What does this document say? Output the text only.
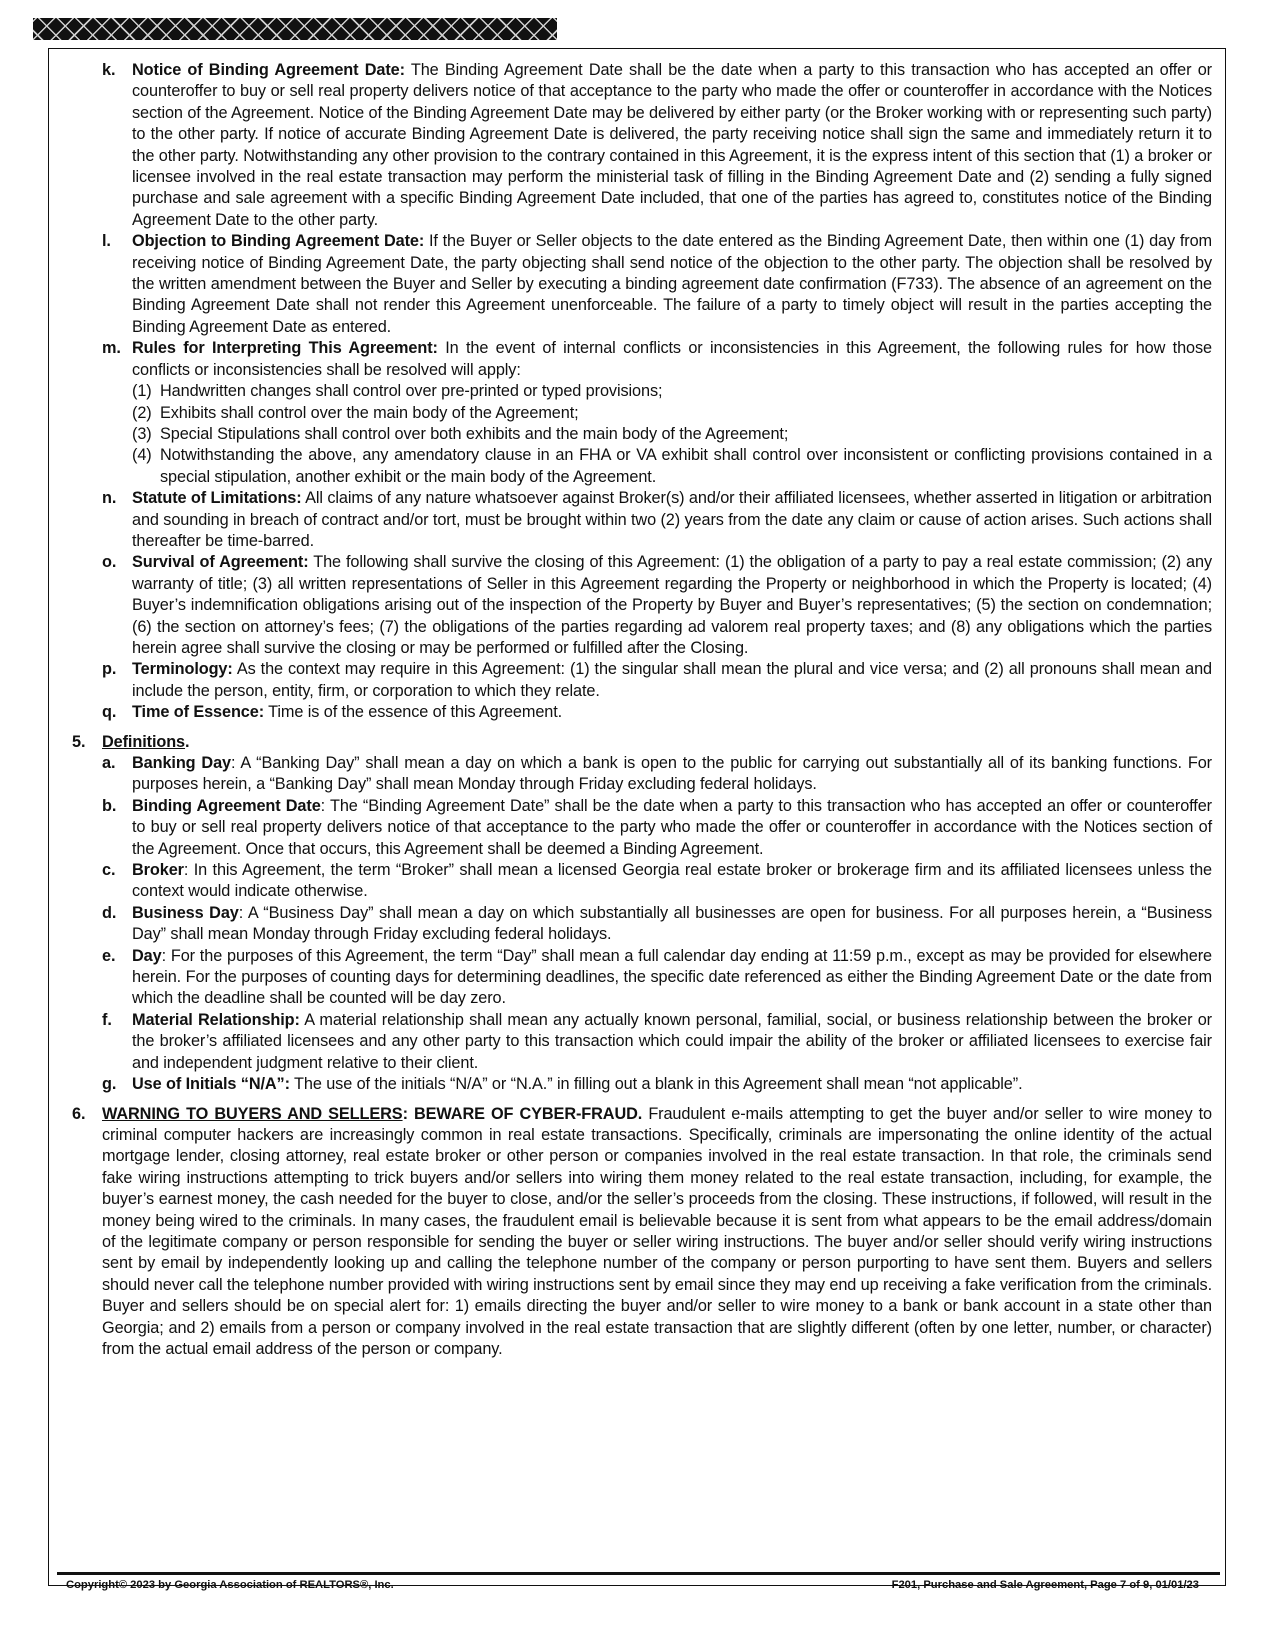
k. Notice of Binding Agreement Date: The Binding Agreement Date shall be the date when a party to this transaction who has accepted an offer or counteroffer to buy or sell real property delivers notice of that acceptance to the party who made the offer or counteroffer in accordance with the Notices section of the Agreement. Notice of the Binding Agreement Date may be delivered by either party (or the Broker working with or representing such party) to the other party. If notice of accurate Binding Agreement Date is delivered, the party receiving notice shall sign the same and immediately return it to the other party. Notwithstanding any other provision to the contrary contained in this Agreement, it is the express intent of this section that (1) a broker or licensee involved in the real estate transaction may perform the ministerial task of filling in the Binding Agreement Date and (2) sending a fully signed purchase and sale agreement with a specific Binding Agreement Date included, that one of the parties has agreed to, constitutes notice of the Binding Agreement Date to the other party.
l. Objection to Binding Agreement Date: If the Buyer or Seller objects to the date entered as the Binding Agreement Date, then within one (1) day from receiving notice of Binding Agreement Date, the party objecting shall send notice of the objection to the other party. The objection shall be resolved by the written amendment between the Buyer and Seller by executing a binding agreement date confirmation (F733). The absence of an agreement on the Binding Agreement Date shall not render this Agreement unenforceable. The failure of a party to timely object will result in the parties accepting the Binding Agreement Date as entered.
m. Rules for Interpreting This Agreement: In the event of internal conflicts or inconsistencies in this Agreement, the following rules for how those conflicts or inconsistencies shall be resolved will apply:
(1) Handwritten changes shall control over pre-printed or typed provisions;
(2) Exhibits shall control over the main body of the Agreement;
(3) Special Stipulations shall control over both exhibits and the main body of the Agreement;
(4) Notwithstanding the above, any amendatory clause in an FHA or VA exhibit shall control over inconsistent or conflicting provisions contained in a special stipulation, another exhibit or the main body of the Agreement.
n. Statute of Limitations: All claims of any nature whatsoever against Broker(s) and/or their affiliated licensees, whether asserted in litigation or arbitration and sounding in breach of contract and/or tort, must be brought within two (2) years from the date any claim or cause of action arises. Such actions shall thereafter be time-barred.
o. Survival of Agreement: The following shall survive the closing of this Agreement: (1) the obligation of a party to pay a real estate commission; (2) any warranty of title; (3) all written representations of Seller in this Agreement regarding the Property or neighborhood in which the Property is located; (4) Buyer’s indemnification obligations arising out of the inspection of the Property by Buyer and Buyer’s representatives; (5) the section on condemnation; (6) the section on attorney’s fees; (7) the obligations of the parties regarding ad valorem real property taxes; and (8) any obligations which the parties herein agree shall survive the closing or may be performed or fulfilled after the Closing.
p. Terminology: As the context may require in this Agreement: (1) the singular shall mean the plural and vice versa; and (2) all pronouns shall mean and include the person, entity, firm, or corporation to which they relate.
q. Time of Essence: Time is of the essence of this Agreement.
5. Definitions.
a. Banking Day: A “Banking Day” shall mean a day on which a bank is open to the public for carrying out substantially all of its banking functions. For purposes herein, a “Banking Day” shall mean Monday through Friday excluding federal holidays.
b. Binding Agreement Date: The “Binding Agreement Date” shall be the date when a party to this transaction who has accepted an offer or counteroffer to buy or sell real property delivers notice of that acceptance to the party who made the offer or counteroffer in accordance with the Notices section of the Agreement. Once that occurs, this Agreement shall be deemed a Binding Agreement.
c. Broker: In this Agreement, the term “Broker” shall mean a licensed Georgia real estate broker or brokerage firm and its affiliated licensees unless the context would indicate otherwise.
d. Business Day: A “Business Day” shall mean a day on which substantially all businesses are open for business. For all purposes herein, a “Business Day” shall mean Monday through Friday excluding federal holidays.
e. Day: For the purposes of this Agreement, the term “Day” shall mean a full calendar day ending at 11:59 p.m., except as may be provided for elsewhere herein. For the purposes of counting days for determining deadlines, the specific date referenced as either the Binding Agreement Date or the date from which the deadline shall be counted will be day zero.
f. Material Relationship: A material relationship shall mean any actually known personal, familial, social, or business relationship between the broker or the broker’s affiliated licensees and any other party to this transaction which could impair the ability of the broker or affiliated licensees to exercise fair and independent judgment relative to their client.
g. Use of Initials “N/A”: The use of the initials “N/A” or “N.A.” in filling out a blank in this Agreement shall mean “not applicable”.
6. WARNING TO BUYERS AND SELLERS: BEWARE OF CYBER-FRAUD. Fraudulent e-mails attempting to get the buyer and/or seller to wire money to criminal computer hackers are increasingly common in real estate transactions. Specifically, criminals are impersonating the online identity of the actual mortgage lender, closing attorney, real estate broker or other person or companies involved in the real estate transaction. In that role, the criminals send fake wiring instructions attempting to trick buyers and/or sellers into wiring them money related to the real estate transaction, including, for example, the buyer’s earnest money, the cash needed for the buyer to close, and/or the seller’s proceeds from the closing. These instructions, if followed, will result in the money being wired to the criminals. In many cases, the fraudulent email is believable because it is sent from what appears to be the email address/domain of the legitimate company or person responsible for sending the buyer or seller wiring instructions. The buyer and/or seller should verify wiring instructions sent by email by independently looking up and calling the telephone number of the company or person purporting to have sent them. Buyers and sellers should never call the telephone number provided with wiring instructions sent by email since they may end up receiving a fake verification from the criminals. Buyer and sellers should be on special alert for: 1) emails directing the buyer and/or seller to wire money to a bank or bank account in a state other than Georgia; and 2) emails from a person or company involved in the real estate transaction that are slightly different (often by one letter, number, or character) from the actual email address of the person or company.
Copyright© 2023 by Georgia Association of REALTORS®, Inc.	F201, Purchase and Sale Agreement, Page 7 of 9, 01/01/23
